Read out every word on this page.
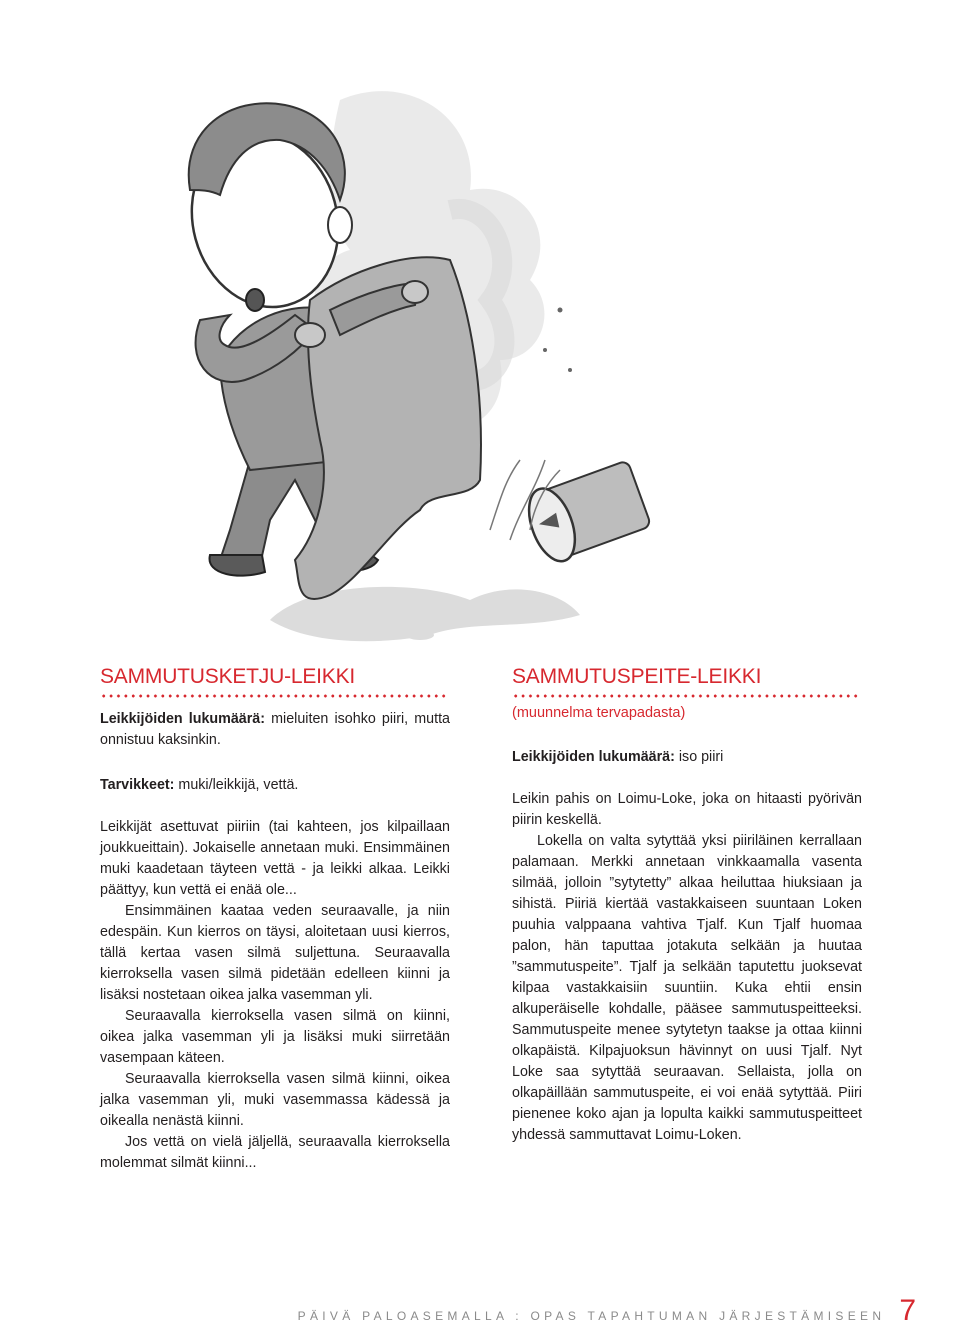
SAMMUTUSKETJU-LEIKKI

Leikkijöiden lukumäärä: mieluiten isohko piiri, mutta onnistuu kaksinkin.

Tarvikkeet: muki/leikkijä, vettä.

Leikkijät asettuvat piiriin (tai kahteen, jos kilpaillaan joukkueittain). Jokaiselle annetaan muki. Ensimmäinen muki kaadetaan täyteen vettä - ja leikki alkaa. Leikki päättyy, kun vettä ei enää ole...

Ensimmäinen kaataa veden seuraavalle, ja niin edespäin. Kun kierros on täysi, aloitetaan uusi kierros, tällä kertaa vasen silmä suljettuna. Seuraavalla kierroksella vasen silmä pidetään edelleen kiinni ja lisäksi nostetaan oikea jalka vasemman yli.

Seuraavalla kierroksella vasen silmä on kiinni, oikea jalka vasemman yli ja lisäksi muki siirretään vasempaan käteen.

Seuraavalla kierroksella vasen silmä kiinni, oikea jalka vasemman yli, muki vasemmassa kädessä ja oikealla nenästä kiinni.

Jos vettä on vielä jäljellä, seuraavalla kierroksella molemmat silmät kiinni...

SAMMUTUSPEITE-LEIKKI
(muunnelma tervapadasta)

Leikkijöiden lukumäärä: iso piiri

Leikin pahis on Loimu-Loke, joka on hitaasti pyörivän piirin keskellä.

Lokella on valta sytyttää yksi piiriläinen kerrallaan palamaan. Merkki annetaan vinkkaamalla vasenta silmää, jolloin ”sytytetty” alkaa heiluttaa hiuksiaan ja sihistä. Piiriä kiertää vastakkaiseen suuntaan Loken puuhia valppaana vahtiva Tjalf. Kun Tjalf huomaa palon, hän taputtaa jotakuta selkään ja huutaa ”sammutuspeite”. Tjalf ja selkään taputettu juoksevat kilpaa vastakkaisiin suuntiin. Kuka ehtii ensin alkuperäiselle kohdalle, pääsee sammutuspeitteeksi. Sammutuspeite menee sytytetyn taakse ja ottaa kiinni olkapäistä. Kilpajuoksun hävinnyt on uusi Tjalf. Nyt Loke saa sytyttää seuraavan. Sellaista, jolla on olkapäillään sammutuspeite, ei voi enää sytyttää. Piiri pienenee koko ajan ja lopulta kaikki sammutuspeitteet yhdessä sammuttavat Loimu-Loken.

PÄIVÄ PALOASEMALLA : OPAS TAPAHTUMAN JÄRJESTÄMISEEN 7
